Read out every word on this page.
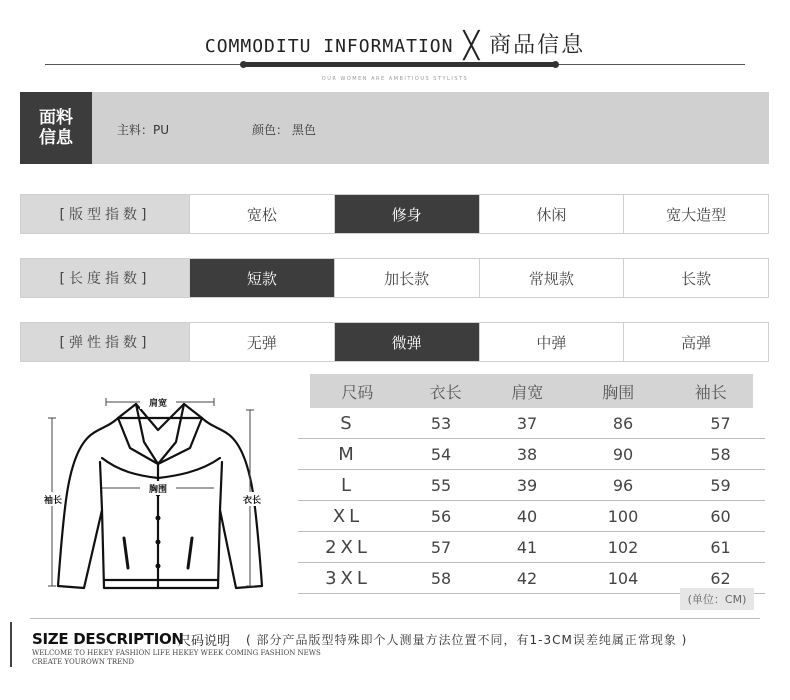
COMMODITU INFORMATION ╳ 商品信息
OUR WOMEN ARE AMBITIOUS STYLISTS
面料
信息	主料：PU	颜色： 黑色
[版型指数]	宽松	修身	休闲	宽大造型
[长度指数]	短款	加长款	常规款	长款
[弹性指数]	无弹	微弹	中弹	高弹
肩宽
胸围
袖长	衣长
尺码	衣长	肩宽	胸围	袖长
S	53	37	86	57
M	54	38	90	58
L	55	39	96	59
XL	56	40	100	60
2XL	57	41	102	61
3XL	58	42	104	62
(单位：CM)
SIZE DESCRIPTION
尺码说明 ( 部分产品版型特殊即个人测量方法位置不同，有1-3CM误差纯属正常现象 )
WELCOME TO HEKEY FASHION LIFE HEKEY WEEK COMING FASHION NEWS
CREATE YOUROWN TREND
